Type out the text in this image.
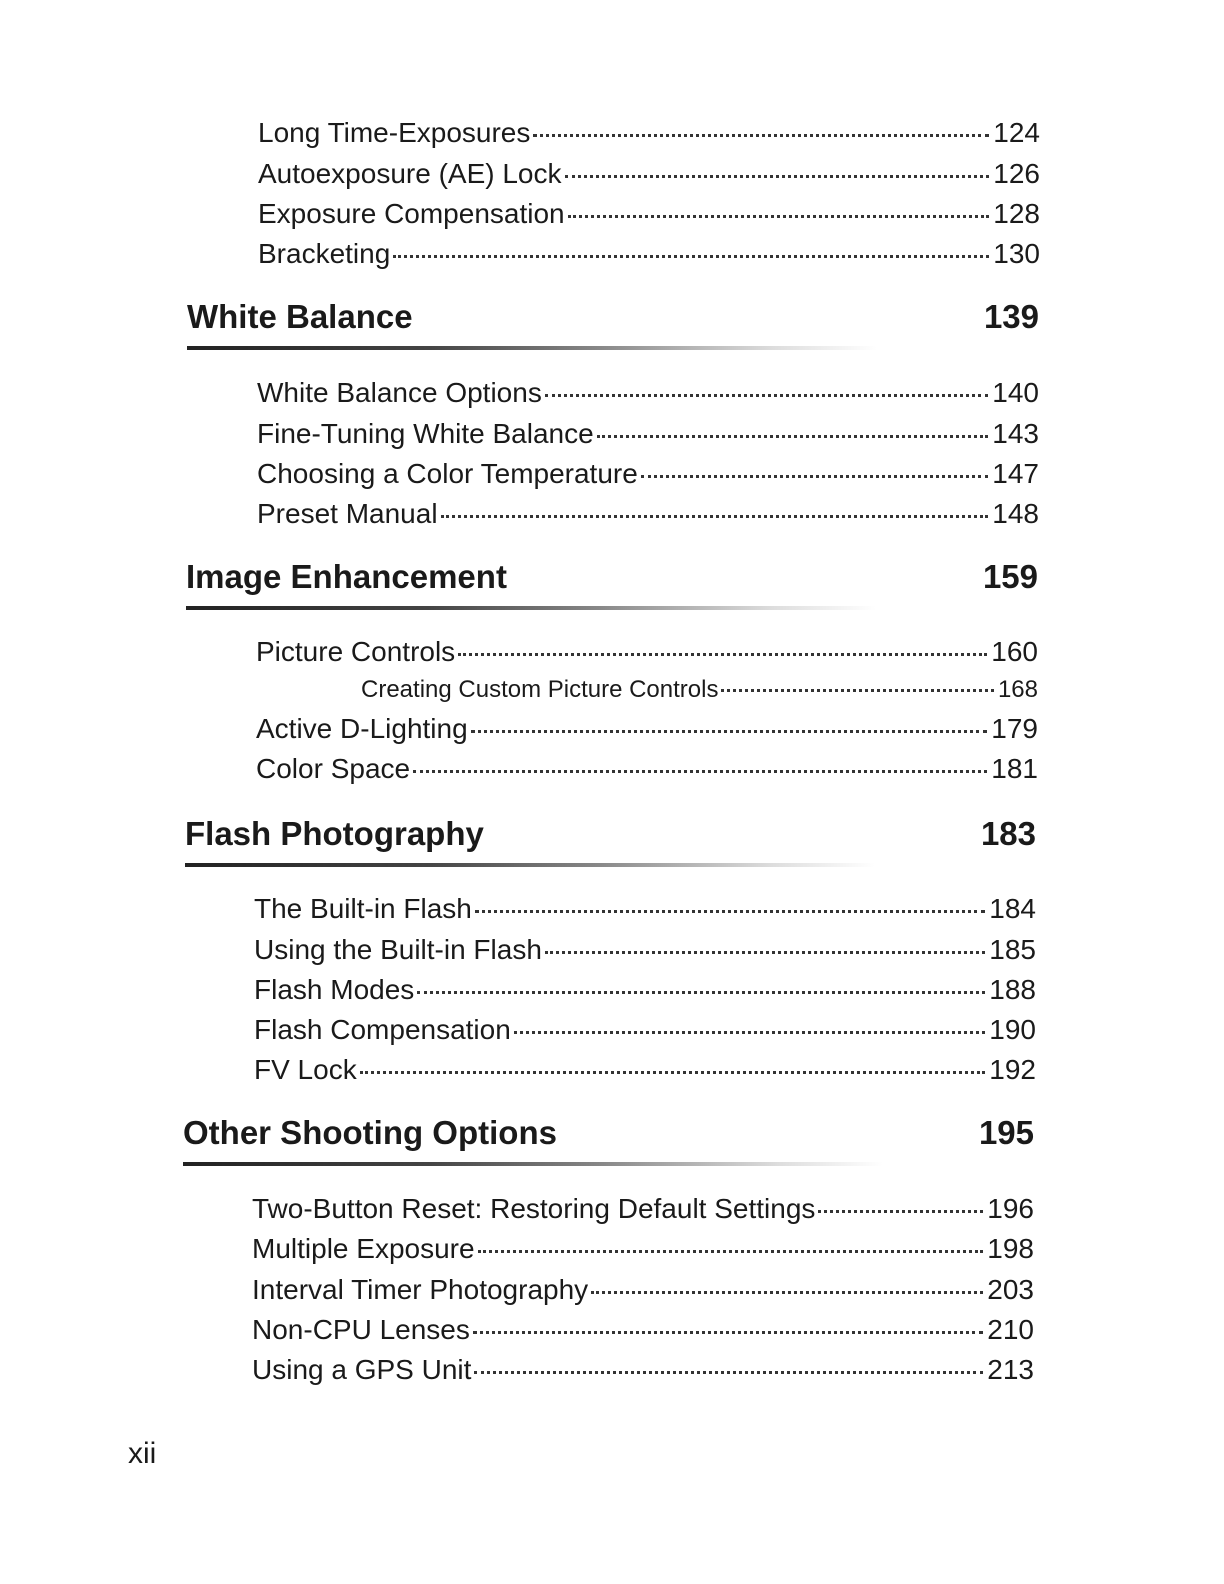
Long Time-Exposures	124
Autoexposure (AE) Lock	126
Exposure Compensation	128
Bracketing	130
White Balance	139
White Balance Options	140
Fine-Tuning White Balance	143
Choosing a Color Temperature	147
Preset Manual	148
Image Enhancement	159
Picture Controls	160
Creating Custom Picture Controls	168
Active D-Lighting	179
Color Space	181
Flash Photography	183
The Built-in Flash	184
Using the Built-in Flash	185
Flash Modes	188
Flash Compensation	190
FV Lock	192
Other Shooting Options	195
Two-Button Reset: Restoring Default Settings	196
Multiple Exposure	198
Interval Timer Photography	203
Non-CPU Lenses	210
Using a GPS Unit	213
xii
